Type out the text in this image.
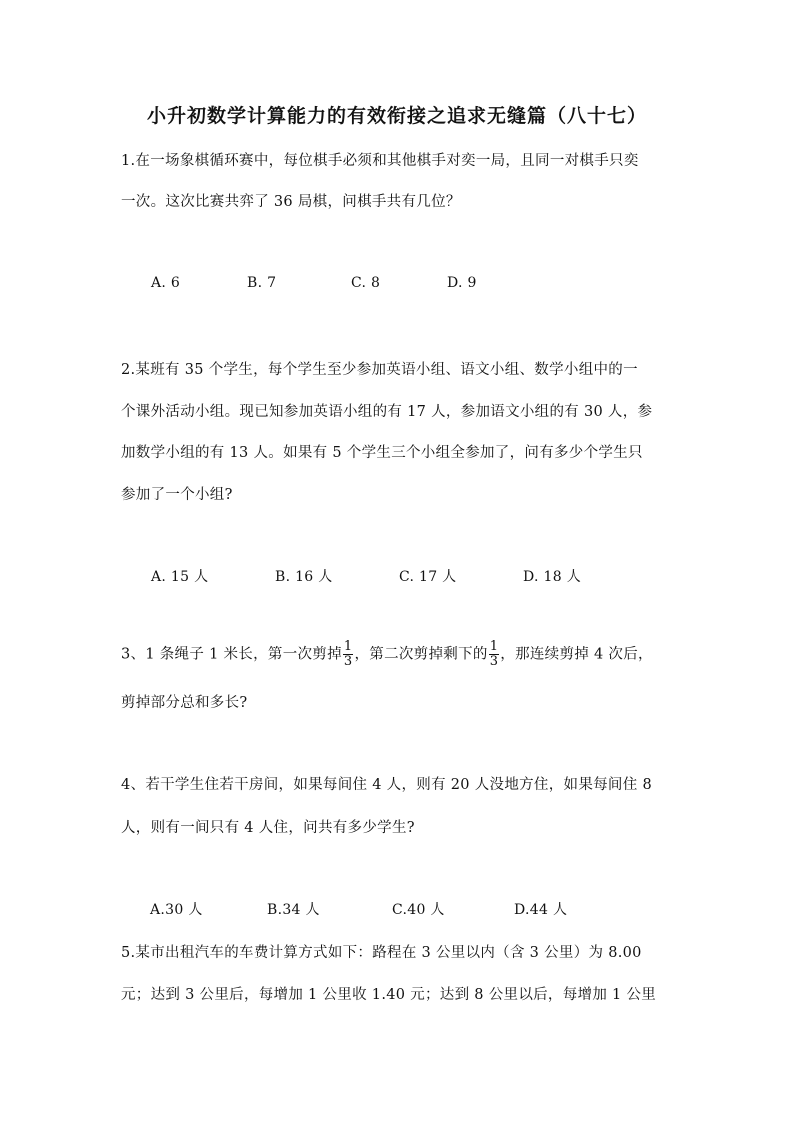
小升初数学计算能力的有效衔接之追求无缝篇（八十七）
1.在一场象棋循环赛中，每位棋手必须和其他棋手对奕一局，且同一对棋手只奕
一次。这次比赛共弈了 36 局棋，问棋手共有几位？
A. 6	B. 7	C. 8	D. 9
2.某班有 35 个学生，每个学生至少参加英语小组、语文小组、数学小组中的一
个课外活动小组。现已知参加英语小组的有 17 人，参加语文小组的有 30 人，参
加数学小组的有 13 人。如果有 5 个学生三个小组全参加了，问有多少个学生只
参加了一个小组?
A. 15 人	B. 16 人	C. 17 人	D. 18 人
3、1 条绳子 1 米长，第一次剪掉 $\frac{1}{3}$ ，第二次剪掉剩下的 $\frac{1}{3}$ ，那连续剪掉 4 次后，
剪掉部分总和多长?
4、若干学生住若干房间，如果每间住 4 人，则有 20 人没地方住，如果每间住 8
人，则有一间只有 4 人住，问共有多少学生?
A.30 人	B.34 人	C.40 人	D.44 人
5.某市出租汽车的车费计算方式如下：路程在 3 公里以内（含 3 公里）为 8.00
元；达到 3 公里后，每增加 1 公里收 1.40 元；达到 8 公里以后，每增加 1 公里
